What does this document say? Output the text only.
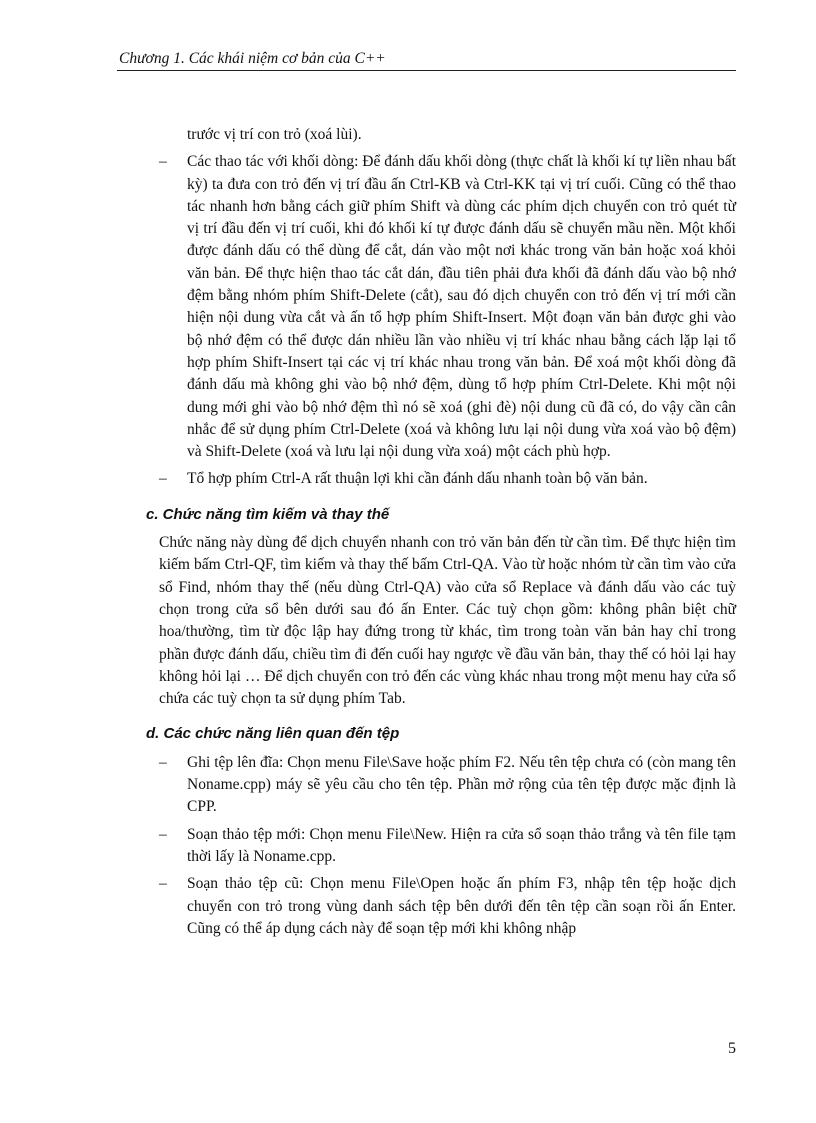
Chương 1. Các khái niệm cơ bản của C++

trước vị trí con trỏ (xoá lùi).

– Các thao tác với khối dòng: Để đánh dấu khối dòng (thực chất là khối kí tự liền nhau bất kỳ) ta đưa con trỏ đến vị trí đầu ấn Ctrl-KB và Ctrl-KK tại vị trí cuối. Cũng có thể thao tác nhanh hơn bằng cách giữ phím Shift và dùng các phím dịch chuyển con trỏ quét từ vị trí đầu đến vị trí cuối, khi đó khối kí tự được đánh dấu sẽ chuyển mầu nền. Một khối được đánh dấu có thể dùng để cắt, dán vào một nơi khác trong văn bản hoặc xoá khỏi văn bản. Để thực hiện thao tác cắt dán, đầu tiên phải đưa khối đã đánh dấu vào bộ nhớ đệm bằng nhóm phím Shift-Delete (cắt), sau đó dịch chuyển con trỏ đến vị trí mới cần hiện nội dung vừa cắt và ấn tổ hợp phím Shift-Insert. Một đoạn văn bản được ghi vào bộ nhớ đệm có thể được dán nhiều lần vào nhiều vị trí khác nhau bằng cách lặp lại tổ hợp phím Shift-Insert tại các vị trí khác nhau trong văn bản. Để xoá một khối dòng đã đánh dấu mà không ghi vào bộ nhớ đệm, dùng tổ hợp phím Ctrl-Delete. Khi một nội dung mới ghi vào bộ nhớ đệm thì nó sẽ xoá (ghi đè) nội dung cũ đã có, do vậy cần cân nhắc để sử dụng phím Ctrl-Delete (xoá và không lưu lại nội dung vừa xoá vào bộ đệm) và Shift-Delete (xoá và lưu lại nội dung vừa xoá) một cách phù hợp.

– Tổ hợp phím Ctrl-A rất thuận lợi khi cần đánh dấu nhanh toàn bộ văn bản.

c. Chức năng tìm kiếm và thay thế

Chức năng này dùng để dịch chuyển nhanh con trỏ văn bản đến từ cần tìm. Để thực hiện tìm kiếm bấm Ctrl-QF, tìm kiếm và thay thế bấm Ctrl-QA. Vào từ hoặc nhóm từ cần tìm vào cửa sổ Find, nhóm thay thế (nếu dùng Ctrl-QA) vào cửa sổ Replace và đánh dấu vào các tuỳ chọn trong cửa sổ bên dưới sau đó ấn Enter. Các tuỳ chọn gồm: không phân biệt chữ hoa/thường, tìm từ độc lập hay đứng trong từ khác, tìm trong toàn văn bản hay chỉ trong phần được đánh dấu, chiều tìm đi đến cuối hay ngược về đầu văn bản, thay thế có hỏi lại hay không hỏi lại … Để dịch chuyển con trỏ đến các vùng khác nhau trong một menu hay cửa sổ chứa các tuỳ chọn ta sử dụng phím Tab.

d. Các chức năng liên quan đến tệp

– Ghi tệp lên đĩa: Chọn menu File\Save hoặc phím F2. Nếu tên tệp chưa có (còn mang tên Noname.cpp) máy sẽ yêu cầu cho tên tệp. Phần mở rộng của tên tệp được mặc định là CPP.

– Soạn thảo tệp mới: Chọn menu File\New. Hiện ra cửa sổ soạn thảo trắng và tên file tạm thời lấy là Noname.cpp.

– Soạn thảo tệp cũ: Chọn menu File\Open hoặc ấn phím F3, nhập tên tệp hoặc dịch chuyển con trỏ trong vùng danh sách tệp bên dưới đến tên tệp cần soạn rồi ấn Enter. Cũng có thể áp dụng cách này để soạn tệp mới khi không nhập

5
